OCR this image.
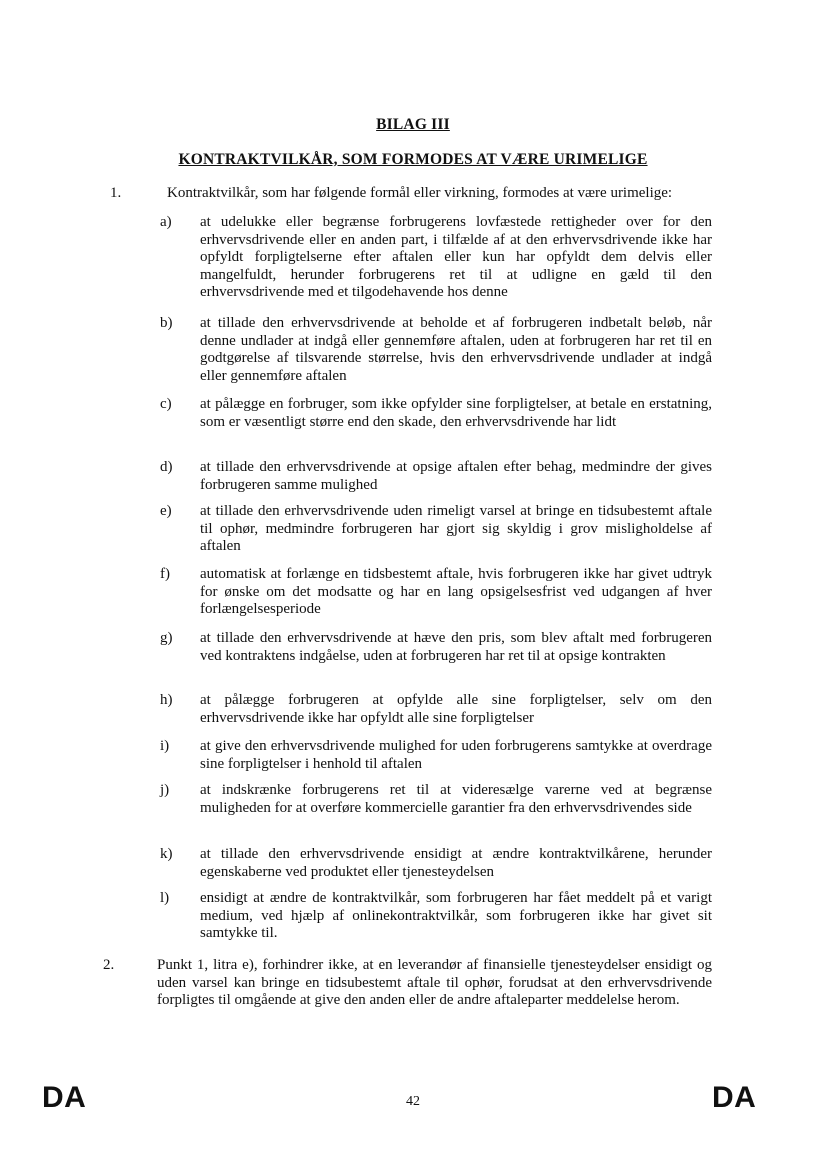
BILAG III
KONTRAKTVILKÅR, SOM FORMODES AT VÆRE URIMELIGE
1.	Kontraktvilkår, som har følgende formål eller virkning, formodes at være urimelige:
a)	at udelukke eller begrænse forbrugerens lovfæstede rettigheder over for den erhvervsdrivende eller en anden part, i tilfælde af at den erhvervsdrivende ikke har opfyldt forpligtelserne efter aftalen eller kun har opfyldt dem delvis eller mangelfuldt, herunder forbrugerens ret til at udligne en gæld til den erhvervsdrivende med et tilgodehavende hos denne
b)	at tillade den erhvervsdrivende at beholde et af forbrugeren indbetalt beløb, når denne undlader at indgå eller gennemføre aftalen, uden at forbrugeren har ret til en godtgørelse af tilsvarende størrelse, hvis den erhvervsdrivende undlader at indgå eller gennemføre aftalen
c)	at pålægge en forbruger, som ikke opfylder sine forpligtelser, at betale en erstatning, som er væsentligt større end den skade, den erhvervsdrivende har lidt
d)	at tillade den erhvervsdrivende at opsige aftalen efter behag, medmindre der gives forbrugeren samme mulighed
e)	at tillade den erhvervsdrivende uden rimeligt varsel at bringe en tidsubestemt aftale til ophør, medmindre forbrugeren har gjort sig skyldig i grov misligholdelse af aftalen
f)	automatisk at forlænge en tidsbestemt aftale, hvis forbrugeren ikke har givet udtryk for ønske om det modsatte og har en lang opsigelsesfrist ved udgangen af hver forlængelsesperiode
g)	at tillade den erhvervsdrivende at hæve den pris, som blev aftalt med forbrugeren ved kontraktens indgåelse, uden at forbrugeren har ret til at opsige kontrakten
h)	at pålægge forbrugeren at opfylde alle sine forpligtelser, selv om den erhvervsdrivende ikke har opfyldt alle sine forpligtelser
i)	at give den erhvervsdrivende mulighed for uden forbrugerens samtykke at overdrage sine forpligtelser i henhold til aftalen
j)	at indskrænke forbrugerens ret til at videresælge varerne ved at begrænse muligheden for at overføre kommercielle garantier fra den erhvervsdrivendes side
k)	at tillade den erhvervsdrivende ensidigt at ændre kontraktvilkårene, herunder egenskaberne ved produktet eller tjenesteydelsen
l)	ensidigt at ændre de kontraktvilkår, som forbrugeren har fået meddelt på et varigt medium, ved hjælp af onlinekontraktvilkår, som forbrugeren ikke har givet sit samtykke til.
2.	Punkt 1, litra e), forhindrer ikke, at en leverandør af finansielle tjenesteydelser ensidigt og uden varsel kan bringe en tidsubestemt aftale til ophør, forudsat at den erhvervsdrivende forpligtes til omgående at give den anden eller de andre aftaleparter meddelelse herom.
DA	42	DA
